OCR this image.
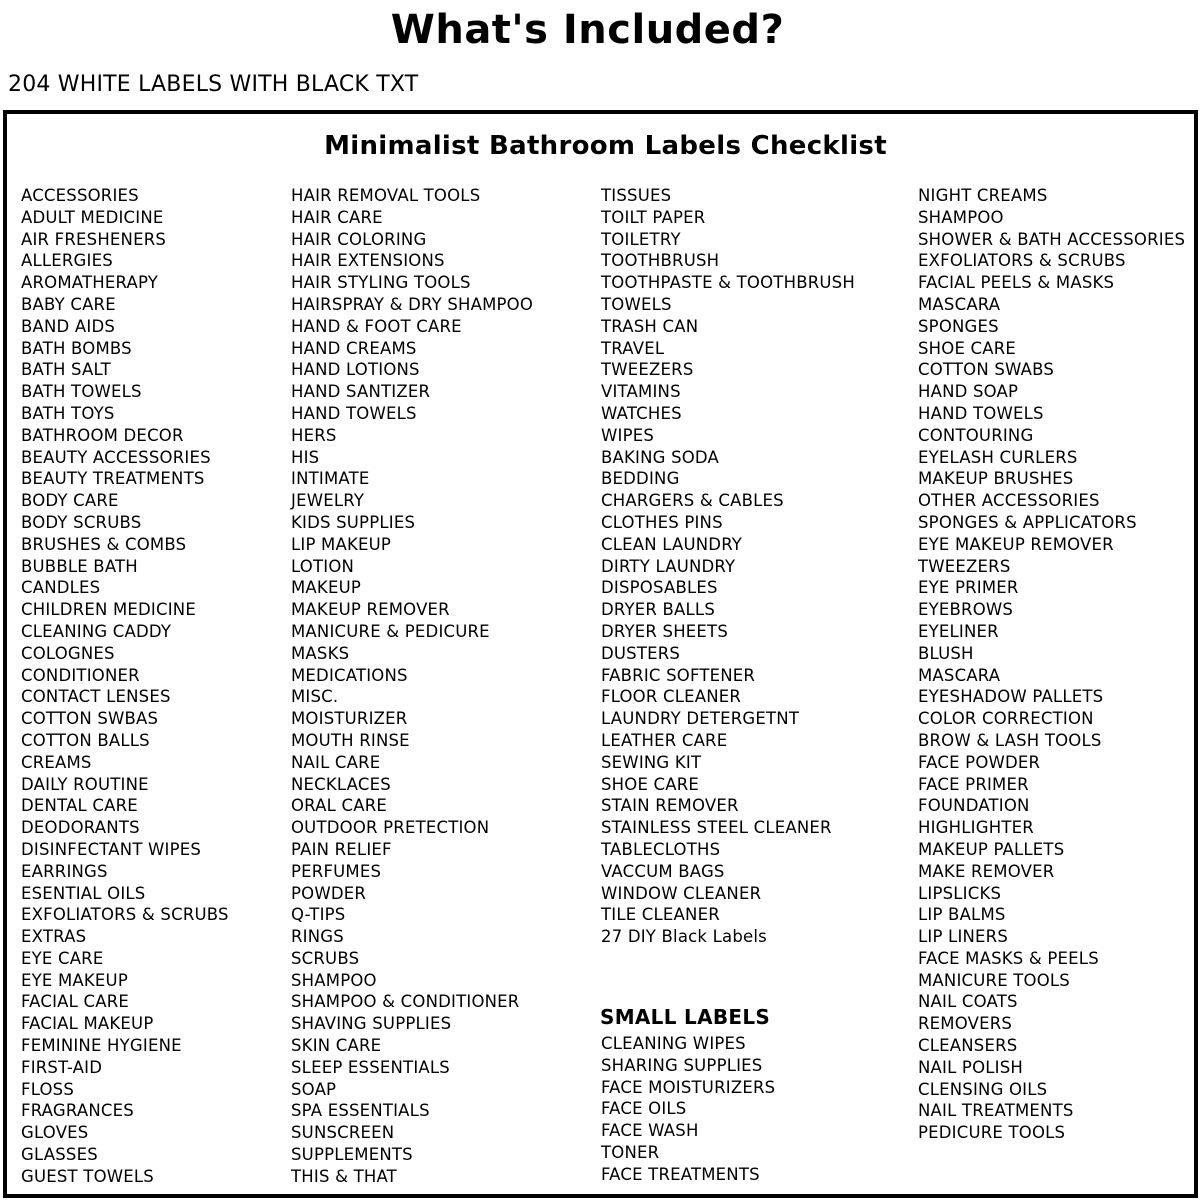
What's Included?
204 WHITE LABELS WITH BLACK TXT
Minimalist Bathroom Labels Checklist
ACCESSORIES
ADULT MEDICINE
AIR FRESHENERS
ALLERGIES
AROMATHERAPY
BABY CARE
BAND AIDS
BATH BOMBS
BATH SALT
BATH TOWELS
BATH TOYS
BATHROOM DECOR
BEAUTY ACCESSORIES
BEAUTY TREATMENTS
BODY CARE
BODY SCRUBS
BRUSHES & COMBS
BUBBLE BATH
CANDLES
CHILDREN MEDICINE
CLEANING CADDY
COLOGNES
CONDITIONER
CONTACT LENSES
COTTON SWBAS
COTTON BALLS
CREAMS
DAILY ROUTINE
DENTAL CARE
DEODORANTS
DISINFECTANT WIPES
EARRINGS
ESENTIAL OILS
EXFOLIATORS & SCRUBS
EXTRAS
EYE CARE
EYE MAKEUP
FACIAL CARE
FACIAL MAKEUP
FEMININE HYGIENE
FIRST-AID
FLOSS
FRAGRANCES
GLOVES
GLASSES
GUEST TOWELS
HAIR REMOVAL TOOLS
HAIR CARE
HAIR COLORING
HAIR EXTENSIONS
HAIR STYLING TOOLS
HAIRSPRAY & DRY SHAMPOO
HAND & FOOT CARE
HAND CREAMS
HAND LOTIONS
HAND SANTIZER
HAND TOWELS
HERS
HIS
INTIMATE
JEWELRY
KIDS SUPPLIES
LIP MAKEUP
LOTION
MAKEUP
MAKEUP REMOVER
MANICURE & PEDICURE
MASKS
MEDICATIONS
MISC.
MOISTURIZER
MOUTH RINSE
NAIL CARE
NECKLACES
ORAL CARE
OUTDOOR PRETECTION
PAIN RELIEF
PERFUMES
POWDER
Q-TIPS
RINGS
SCRUBS
SHAMPOO
SHAMPOO & CONDITIONER
SHAVING SUPPLIES
SKIN CARE
SLEEP ESSENTIALS
SOAP
SPA ESSENTIALS
SUNSCREEN
SUPPLEMENTS
THIS & THAT
TISSUES
TOILT PAPER
TOILETRY
TOOTHBRUSH
TOOTHPASTE & TOOTHBRUSH
TOWELS
TRASH CAN
TRAVEL
TWEEZERS
VITAMINS
WATCHES
WIPES
BAKING SODA
BEDDING
CHARGERS & CABLES
CLOTHES PINS
CLEAN LAUNDRY
DIRTY LAUNDRY
DISPOSABLES
DRYER BALLS
DRYER SHEETS
DUSTERS
FABRIC SOFTENER
FLOOR CLEANER
LAUNDRY DETERGETNT
LEATHER CARE
SEWING KIT
SHOE CARE
STAIN REMOVER
STAINLESS STEEL CLEANER
TABLECLOTHS
VACCUM BAGS
WINDOW CLEANER
TILE CLEANER
27 DIY Black Labels
SMALL LABELS
CLEANING WIPES
SHARING SUPPLIES
FACE MOISTURIZERS
FACE OILS
FACE WASH
TONER
FACE TREATMENTS
NIGHT CREAMS
SHAMPOO
SHOWER & BATH ACCESSORIES
EXFOLIATORS & SCRUBS
FACIAL PEELS & MASKS
MASCARA
SPONGES
SHOE CARE
COTTON SWABS
HAND SOAP
HAND TOWELS
CONTOURING
EYELASH CURLERS
MAKEUP BRUSHES
OTHER ACCESSORIES
SPONGES & APPLICATORS
EYE MAKEUP REMOVER
TWEEZERS
EYE PRIMER
EYEBROWS
EYELINER
BLUSH
MASCARA
EYESHADOW PALLETS
COLOR CORRECTION
BROW & LASH TOOLS
FACE POWDER
FACE PRIMER
FOUNDATION
HIGHLIGHTER
MAKEUP PALLETS
MAKE REMOVER
LIPSLICKS
LIP BALMS
LIP LINERS
FACE MASKS & PEELS
MANICURE TOOLS
NAIL COATS
REMOVERS
CLEANSERS
NAIL POLISH
CLENSING OILS
NAIL TREATMENTS
PEDICURE TOOLS
